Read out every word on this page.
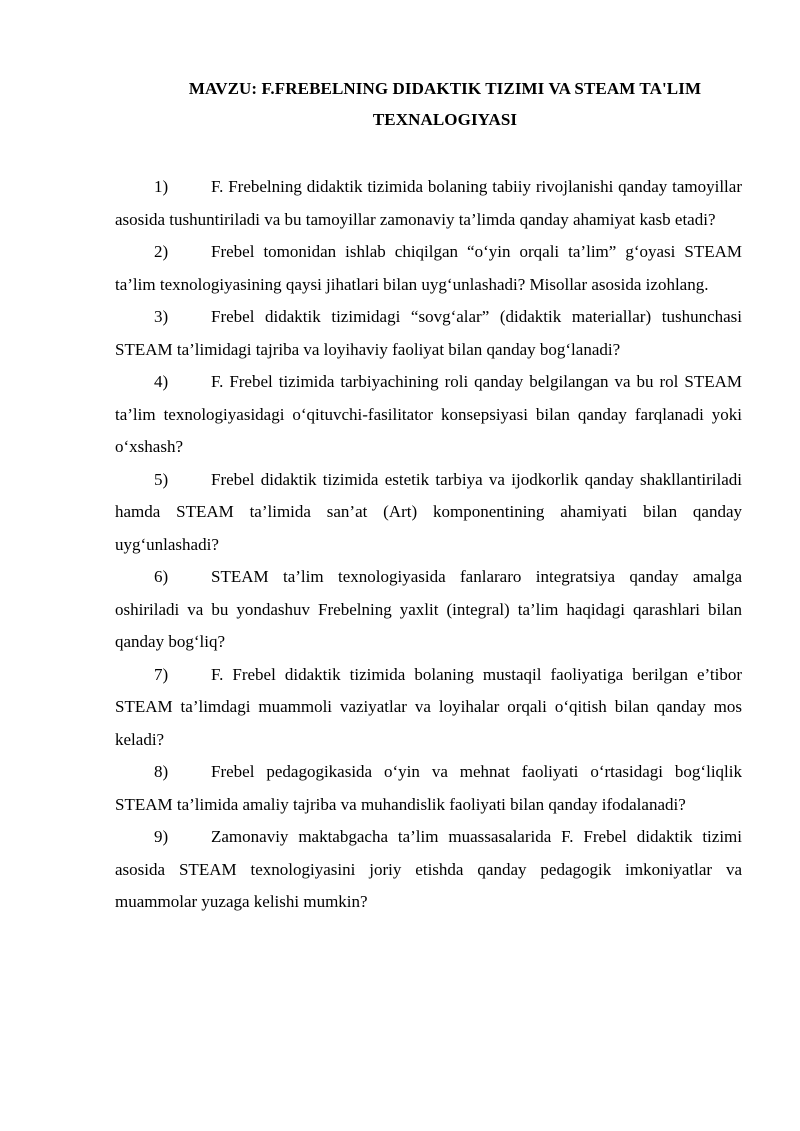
MAVZU: F.FREBELNING DIDAKTIK TIZIMI VA STEAM TA'LIM
TEXNALOGIYASI
1)	F. Frebelning didaktik tizimida bolaning tabiiy rivojlanishi qanday tamoyillar asosida tushuntiriladi va bu tamoyillar zamonaviy ta’limda qanday ahamiyat kasb etadi?
2)	Frebel tomonidan ishlab chiqilgan “o‘yin orqali ta’lim” g‘oyasi STEAM ta’lim texnologiyasining qaysi jihatlari bilan uyg‘unlashadi? Misollar asosida izohlang.
3)	Frebel didaktik tizimidagi “sovg‘alar” (didaktik materiallar) tushunchasi STEAM ta’limidagi tajriba va loyihaviy faoliyat bilan qanday bog‘lanadi?
4)	F. Frebel tizimida tarbiyachining roli qanday belgilangan va bu rol STEAM ta’lim texnologiyasidagi o‘qituvchi-fasilitator konsepsiyasi bilan qanday farqlanadi yoki o‘xshash?
5)	Frebel didaktik tizimida estetik tarbiya va ijodkorlik qanday shakllantiriladi hamda STEAM ta’limida san’at (Art) komponentining ahamiyati bilan qanday uyg‘unlashadi?
6)	STEAM ta’lim texnologiyasida fanlararo integratsiya qanday amalga oshiriladi va bu yondashuv Frebelning yaxlit (integral) ta’lim haqidagi qarashlari bilan qanday bog‘liq?
7)	F. Frebel didaktik tizimida bolaning mustaqil faoliyatiga berilgan e’tibor STEAM ta’limdagi muammoli vaziyatlar va loyihalar orqali o‘qitish bilan qanday mos keladi?
8)	Frebel pedagogikasida o‘yin va mehnat faoliyati o‘rtasidagi bog‘liqlik STEAM ta’limida amaliy tajriba va muhandislik faoliyati bilan qanday ifodalanadi?
9)	Zamonaviy maktabgacha ta’lim muassasalarida F. Frebel didaktik tizimi asosida STEAM texnologiyasini joriy etishda qanday pedagogik imkoniyatlar va muammolar yuzaga kelishi mumkin?
